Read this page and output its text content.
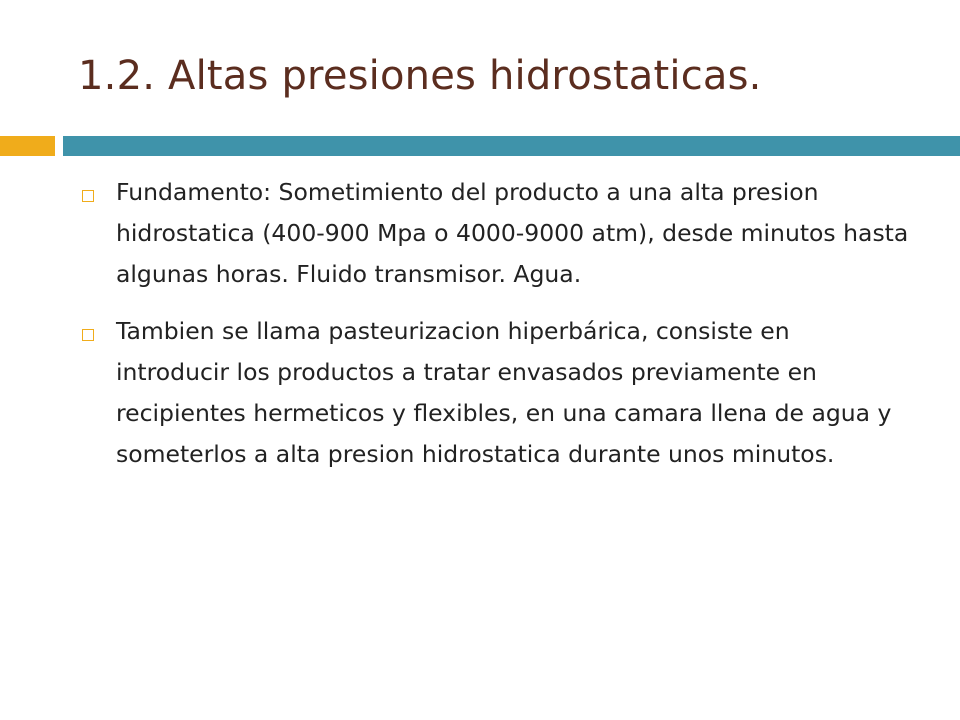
1.2. Altas presiones hidrostaticas.
Fundamento: Sometimiento del producto a una alta presion hidrostatica (400-900 Mpa o 4000-9000 atm), desde minutos hasta algunas horas. Fluido transmisor. Agua.
Tambien se llama pasteurizacion hiperbárica, consiste en introducir los productos a tratar envasados previamente en recipientes hermeticos y flexibles, en una camara llena de agua y someterlos a alta presion hidrostatica durante unos minutos.
